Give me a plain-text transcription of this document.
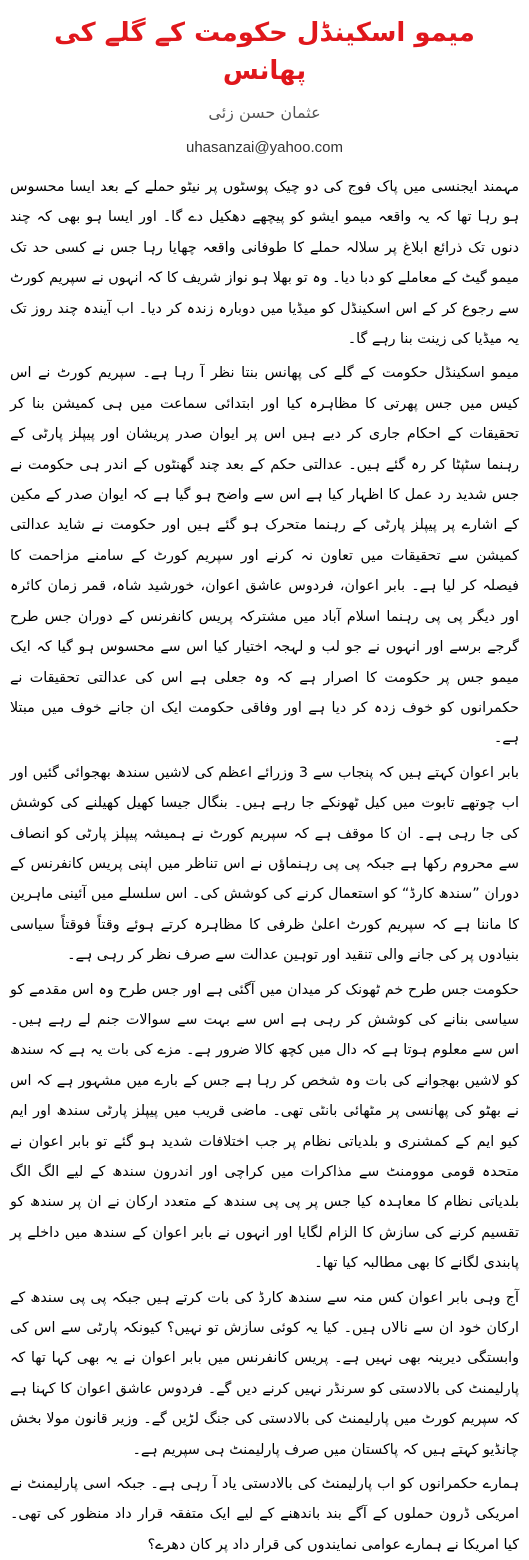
میمو اسکینڈل حکومت کے گلے کی پھانس
عثمان حسن زئی
uhasanzai@yahoo.com

مہمند ایجنسی میں پاک فوج کی دو چیک پوسٹوں پر نیٹو حملے کے بعد ایسا محسوس ہو رہا تھا کہ یہ واقعہ میمو ایشو کو پیچھے دھکیل دے گا۔ اور ایسا ہو بھی کہ چند دنوں تک ذرائع ابلاغ پر سلالہ حملے کا طوفانی واقعہ چھایا رہا جس نے کسی حد تک میمو گیٹ کے معاملے کو دبا دیا۔ وہ تو بھلا ہو نواز شریف کا کہ انہوں نے سپریم کورٹ سے رجوع کر کے اس اسکینڈل کو میڈیا میں دوبارہ زندہ کر دیا۔ اب آیندہ چند روز تک یہ میڈیا کی زینت بنا رہے گا۔

میمو اسکینڈل حکومت کے گلے کی پھانس بنتا نظر آ رہا ہے۔ سپریم کورٹ نے اس کیس میں جس پھرتی کا مظاہرہ کیا اور ابتدائی سماعت میں ہی کمیشن بنا کر تحقیقات کے احکام جاری کر دیے ہیں اس پر ایوان صدر پریشان اور پیپلز پارٹی کے رہنما سٹپٹا کر رہ گئے ہیں۔ عدالتی حکم کے بعد چند گھنٹوں کے اندر ہی حکومت نے جس شدید رد عمل کا اظہار کیا ہے اس سے واضح ہو گیا ہے کہ ایوان صدر کے مکین کے اشارے پر پیپلز پارٹی کے رہنما متحرک ہو گئے ہیں اور حکومت نے شاید عدالتی کمیشن سے تحقیقات میں تعاون نہ کرنے اور سپریم کورٹ کے سامنے مزاحمت کا فیصلہ کر لیا ہے۔ بابر اعوان، فردوس عاشق اعوان، خورشید شاہ، قمر زمان کائرہ اور دیگر پی پی رہنما اسلام آباد میں مشترکہ پریس کانفرنس کے دوران جس طرح گرجے برسے اور انہوں نے جو لب و لہجہ اختیار کیا اس سے محسوس ہو گیا کہ ایک میمو جس پر حکومت کا اصرار ہے کہ وہ جعلی ہے اس کی عدالتی تحقیقات نے حکمرانوں کو خوف زدہ کر دیا ہے اور وفاقی حکومت ایک ان جانے خوف میں مبتلا ہے۔

بابر اعوان کہتے ہیں کہ پنجاب سے 3 وزرائے اعظم کی لاشیں سندھ بھجوائی گئیں اور اب چوتھے تابوت میں کیل ٹھونکے جا رہے ہیں۔ بنگال جیسا کھیل کھیلنے کی کوشش کی جا رہی ہے۔ ان کا موقف ہے کہ سپریم کورٹ نے ہمیشہ پیپلز پارٹی کو انصاف سے محروم رکھا ہے جبکہ پی پی رہنماؤں نے اس تناظر میں اپنی پریس کانفرنس کے دوران ”سندھ کارڈ“ کو استعمال کرنے کی کوشش کی۔ اس سلسلے میں آئینی ماہرین کا ماننا ہے کہ سپریم کورٹ اعلیٰ ظرفی کا مظاہرہ کرتے ہوئے وقتاً فوقتاً سیاسی بنیادوں پر کی جانے والی تنقید اور توہین عدالت سے صرف نظر کر رہی ہے۔

حکومت جس طرح خم ٹھونک کر میدان میں آگئی ہے اور جس طرح وہ اس مقدمے کو سیاسی بنانے کی کوشش کر رہی ہے اس سے بہت سے سوالات جنم لے رہے ہیں۔ اس سے معلوم ہوتا ہے کہ دال میں کچھ کالا ضرور ہے۔ مزے کی بات یہ ہے کہ سندھ کو لاشیں بھجوانے کی بات وہ شخص کر رہا ہے جس کے بارے میں مشہور ہے کہ اس نے بھٹو کی پھانسی پر مٹھائی بانٹی تھی۔ ماضی قریب میں پیپلز پارٹی سندھ اور ایم کیو ایم کے کمشنری و بلدیاتی نظام پر جب اختلافات شدید ہو گئے تو بابر اعوان نے متحدہ قومی موومنٹ سے مذاکرات میں کراچی اور اندرون سندھ کے لیے الگ الگ بلدیاتی نظام کا معاہدہ کیا جس پر پی پی سندھ کے متعدد ارکان نے ان پر سندھ کو تقسیم کرنے کی سازش کا الزام لگایا اور انہوں نے بابر اعوان کے سندھ میں داخلے پر پابندی لگانے کا بھی مطالبہ کیا تھا۔

آج وہی بابر اعوان کس منہ سے سندھ کارڈ کی بات کرتے ہیں جبکہ پی پی سندھ کے ارکان خود ان سے نالاں ہیں۔ کیا یہ کوئی سازش تو نہیں؟ کیونکہ پارٹی سے اس کی وابستگی دیرینہ بھی نہیں ہے۔ پریس کانفرنس میں بابر اعوان نے یہ بھی کہا تھا کہ پارلیمنٹ کی بالادستی کو سرنڈر نہیں کرنے دیں گے۔ فردوس عاشق اعوان کا کہنا ہے کہ سپریم کورٹ میں پارلیمنٹ کی بالادستی کی جنگ لڑیں گے۔ وزیر قانون مولا بخش چانڈیو کہتے ہیں کہ پاکستان میں صرف پارلیمنٹ ہی سپریم ہے۔

ہمارے حکمرانوں کو اب پارلیمنٹ کی بالادستی یاد آ رہی ہے۔ جبکہ اسی پارلیمنٹ نے امریکی ڈرون حملوں کے آگے بند باندھنے کے لیے ایک متفقہ قرار داد منظور کی تھی۔ کیا امریکا نے ہمارے عوامی نمایندوں کی قرار داد پر کان دھرے؟
